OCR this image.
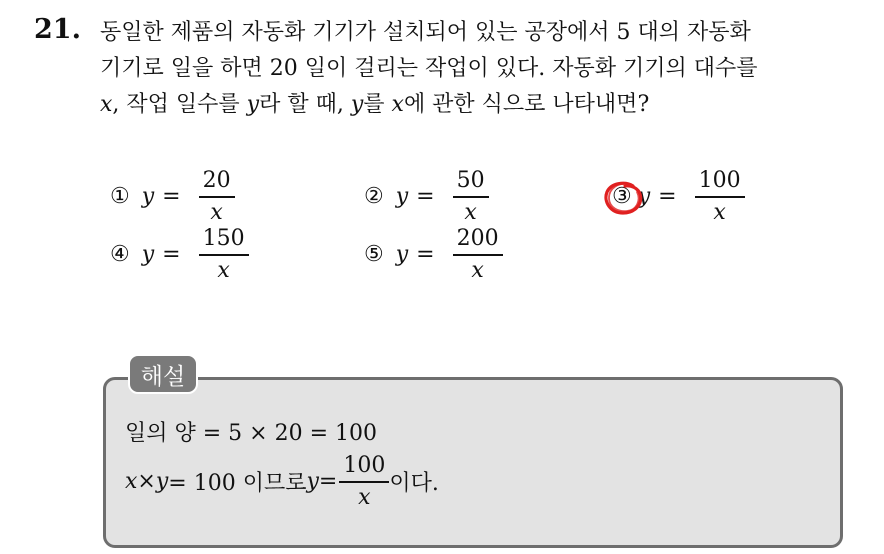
21. 동일한 제품의 자동화 기기가 설치되어 있는 공장에서 5 대의 자동화
기기로 일을 하면 20 일이 걸리는 작업이 있다. 자동화 기기의 대수를
x, 작업 일수를 y라 할 때, y를 x에 관한 식으로 나타내면?
① $y = \frac{20}{x}$	② $y = \frac{50}{x}$	③ $y = \frac{100}{x}$
④ $y = \frac{150}{x}$	⑤ $y = \frac{200}{x}$
해설
일의 양 = 5 × 20 = 100
x × y = 100 이므로 $y = \frac{100}{x}$ 이다.
